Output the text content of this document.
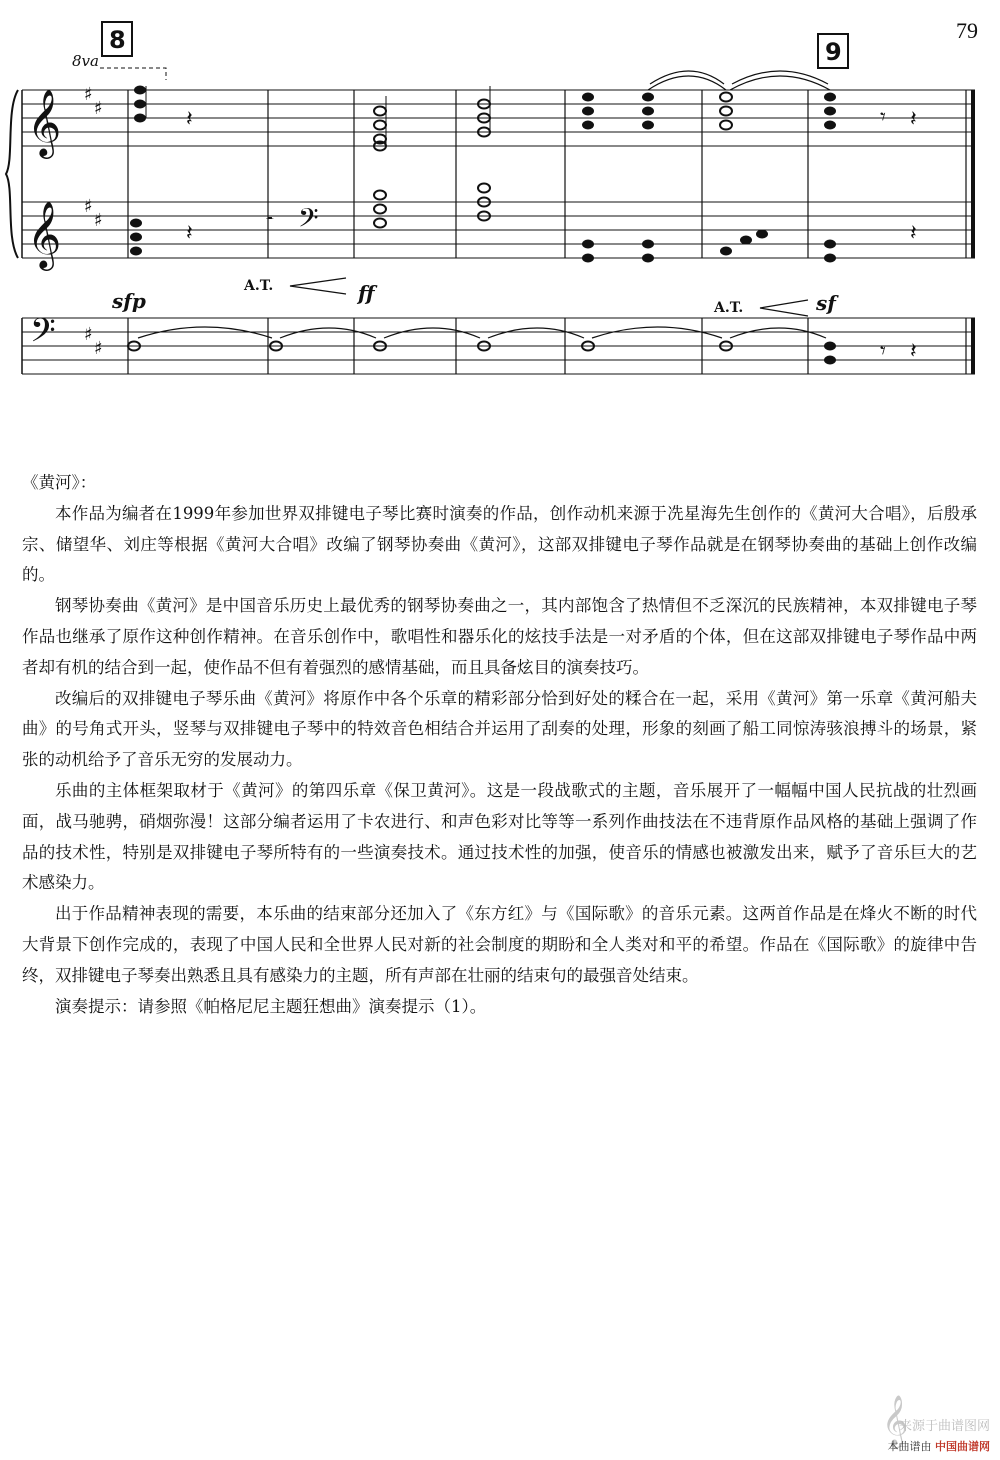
79
𝄞
𝄞
𝄢
𝄢
♯
♯
♯
♯
♯
♯
8	9
8va
𝄽	𝄾 𝄽
𝄽	𝄽
𝄼
sfp	ff	sf
A.T.
A.T.
𝄾 𝄽

《黄河》：

本作品为编者在1999年参加世界双排键电子琴比赛时演奏的作品，创作动机来源于冼星海先生创作的《黄河大合唱》，后殷承宗、储望华、刘庄等根据《黄河大合唱》改编了钢琴协奏曲《黄河》，这部双排键电子琴作品就是在钢琴协奏曲的基础上创作改编的。

钢琴协奏曲《黄河》是中国音乐历史上最优秀的钢琴协奏曲之一，其内部饱含了热情但不乏深沉的民族精神，本双排键电子琴作品也继承了原作这种创作精神。在音乐创作中，歌唱性和器乐化的炫技手法是一对矛盾的个体，但在这部双排键电子琴作品中两者却有机的结合到一起，使作品不但有着强烈的感情基础，而且具备炫目的演奏技巧。

改编后的双排键电子琴乐曲《黄河》将原作中各个乐章的精彩部分恰到好处的糅合在一起，采用《黄河》第一乐章《黄河船夫曲》的号角式开头，竖琴与双排键电子琴中的特效音色相结合并运用了刮奏的处理，形象的刻画了船工同惊涛骇浪搏斗的场景，紧张的动机给予了音乐无穷的发展动力。

乐曲的主体框架取材于《黄河》的第四乐章《保卫黄河》。这是一段战歌式的主题，音乐展开了一幅幅中国人民抗战的壮烈画面，战马驰骋，硝烟弥漫！这部分编者运用了卡农进行、和声色彩对比等等一系列作曲技法在不违背原作品风格的基础上强调了作品的技术性，特别是双排键电子琴所特有的一些演奏技术。通过技术性的加强，使音乐的情感也被激发出来，赋予了音乐巨大的艺术感染力。

出于作品精神表现的需要，本乐曲的结束部分还加入了《东方红》与《国际歌》的音乐元素。这两首作品是在烽火不断的时代大背景下创作完成的，表现了中国人民和全世界人民对新的社会制度的期盼和全人类对和平的希望。作品在《国际歌》的旋律中告终，双排键电子琴奏出熟悉且具有感染力的主题，所有声部在壮丽的结束句的最强音处结束。

演奏提示：请参照《帕格尼尼主题狂想曲》演奏提示（1）。

𝄞
来源于曲谱图网
本曲谱由 中国曲谱网
